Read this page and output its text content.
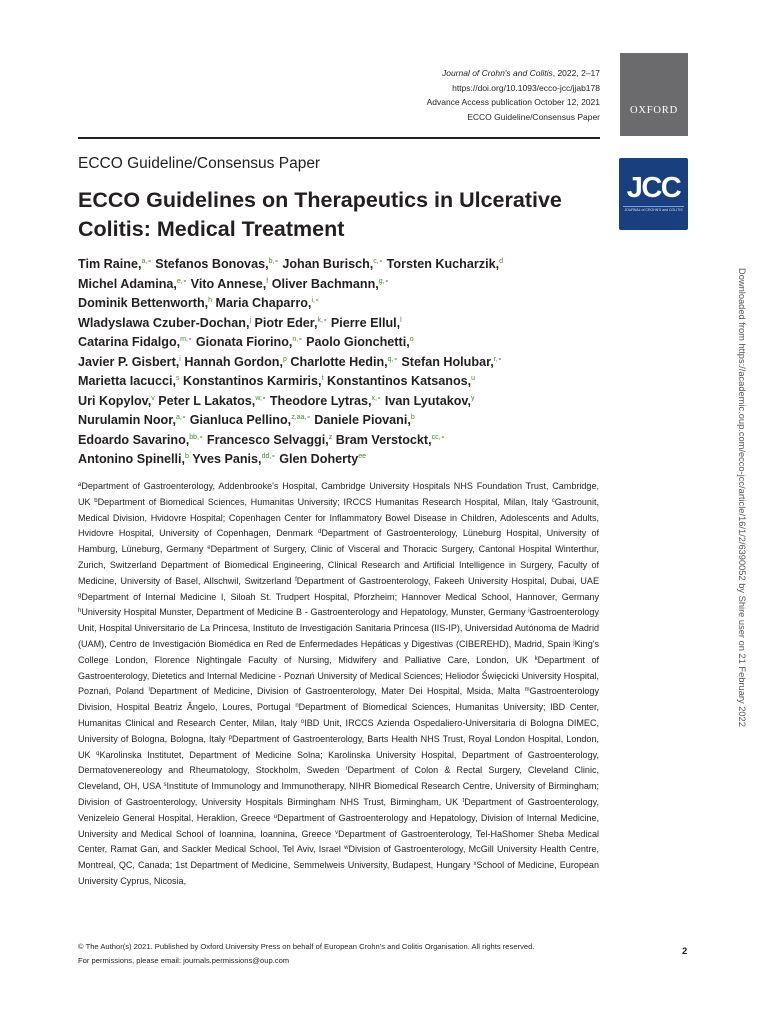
Journal of Crohn's and Colitis, 2022, 2–17
https://doi.org/10.1093/ecco-jcc/jjab178
Advance Access publication October 12, 2021
ECCO Guideline/Consensus Paper
OXFORD
JCC
JOURNAL of CROHN'S and COLITIS
ECCO Guideline/Consensus Paper
ECCO Guidelines on Therapeutics in Ulcerative
Colitis: Medical Treatment
Tim Raine,$^{a,\circ}$ Stefanos Bonovas,$^{b,\circ}$ Johan Burisch,$^{c,\circ}$ Torsten Kucharzik,$^d$
Michel Adamina,$^{e,\circ}$ Vito Annese,$^f$ Oliver Bachmann,$^{g,\circ}$
Dominik Bettenworth,$^h$ Maria Chaparro,$^{i,\circ}$
Wladyslawa Czuber-Dochan,$^j$ Piotr Eder,$^{k,\circ}$ Pierre Ellul,$^l$
Catarina Fidalgo,$^{m,\circ}$ Gionata Fiorino,$^{n,\circ}$ Paolo Gionchetti,$^o$
Javier P. Gisbert,$^i$ Hannah Gordon,$^p$ Charlotte Hedin,$^{q,\circ}$ Stefan Holubar,$^{r,\circ}$
Marietta Iacucci,$^s$ Konstantinos Karmiris,$^t$ Konstantinos Katsanos,$^u$
Uri Kopylov,$^v$ Peter L Lakatos,$^{w,\circ}$ Theodore Lytras,$^{x,\circ}$ Ivan Lyutakov,$^y$
Nurulamin Noor,$^{a,\circ}$ Gianluca Pellino,$^{z,aa,\circ}$ Daniele Piovani,$^b$
Edoardo Savarino,$^{bb,\circ}$ Francesco Selvaggi,$^z$ Bram Verstockt,$^{cc,\circ}$
Antonino Spinelli,$^b$ Yves Panis,$^{dd,\circ}$ Glen Doherty$^{ee}$

$^a$Department of Gastroenterology, Addenbrooke's Hospital, Cambridge University Hospitals NHS Foundation Trust, Cambridge, UK $^b$Department of Biomedical Sciences, Humanitas University; IRCCS Humanitas Research Hospital, Milan, Italy $^c$Gastrounit, Medical Division, Hvidovre Hospital; Copenhagen Center for Inflammatory Bowel Disease in Children, Adolescents and Adults, Hvidovre Hospital, University of Copenhagen, Denmark $^d$Department of Gastroenterology, Lüneburg Hospital, University of Hamburg, Lüneburg, Germany $^e$Department of Surgery, Clinic of Visceral and Thoracic Surgery, Cantonal Hospital Winterthur, Zurich, Switzerland Department of Biomedical Engineering, Clinical Research and Artificial Intelligence in Surgery, Faculty of Medicine, University of Basel, Allschwil, Switzerland $^f$Department of Gastroenterology, Fakeeh University Hospital, Dubai, UAE $^g$Department of Internal Medicine I, Siloah St. Trudpert Hospital, Pforzheim; Hannover Medical School, Hannover, Germany $^h$University Hospital Munster, Department of Medicine B - Gastroenterology and Hepatology, Munster, Germany $^i$Gastroenterology Unit, Hospital Universitario de La Princesa, Instituto de Investigación Sanitaria Princesa (IIS-IP), Universidad Autónoma de Madrid (UAM), Centro de Investigación Biomédica en Red de Enfermedades Hepáticas y Digestivas (CIBEREHD), Madrid, Spain $^j$King's College London, Florence Nightingale Faculty of Nursing, Midwifery and Palliative Care, London, UK $^k$Department of Gastroenterology, Dietetics and Internal Medicine - Poznań University of Medical Sciences; Heliodor Święcicki University Hospital, Poznań, Poland $^l$Department of Medicine, Division of Gastroenterology, Mater Dei Hospital, Msida, Malta $^m$Gastroenterology Division, Hospital Beatriz Ângelo, Loures, Portugal $^n$Department of Biomedical Sciences, Humanitas University; IBD Center, Humanitas Clinical and Research Center, Milan, Italy $^o$IBD Unit, IRCCS Azienda Ospedaliero-Universitaria di Bologna DIMEC, University of Bologna, Bologna, Italy $^p$Department of Gastroenterology, Barts Health NHS Trust, Royal London Hospital, London, UK $^q$Karolinska Institutet, Department of Medicine Solna; Karolinska University Hospital, Department of Gastroenterology, Dermatovenereology and Rheumatology, Stockholm, Sweden $^r$Department of Colon & Rectal Surgery, Cleveland Clinic, Cleveland, OH, USA $^s$Institute of Immunology and Immunotherapy, NIHR Biomedical Research Centre, University of Birmingham; Division of Gastroenterology, University Hospitals Birmingham NHS Trust, Birmingham, UK $^t$Department of Gastroenterology, Venizeleio General Hospital, Heraklion, Greece $^u$Department of Gastroenterology and Hepatology, Division of Internal Medicine, University and Medical School of Ioannina, Ioannina, Greece $^v$Department of Gastroenterology, Tel-HaShomer Sheba Medical Center, Ramat Gan, and Sackler Medical School, Tel Aviv, Israel $^w$Division of Gastroenterology, McGill University Health Centre, Montreal, QC, Canada; 1st Department of Medicine, Semmelweis University, Budapest, Hungary $^x$School of Medicine, European University Cyprus, Nicosia,

Downloaded from https://academic.oup.com/ecco-jcc/article/16/1/2/6390052 by Shire user on 21 February 2022
© The Author(s) 2021. Published by Oxford University Press on behalf of European Crohn's and Colitis Organisation. All rights reserved.
For permissions, please email: journals.permissions@oup.com
2
